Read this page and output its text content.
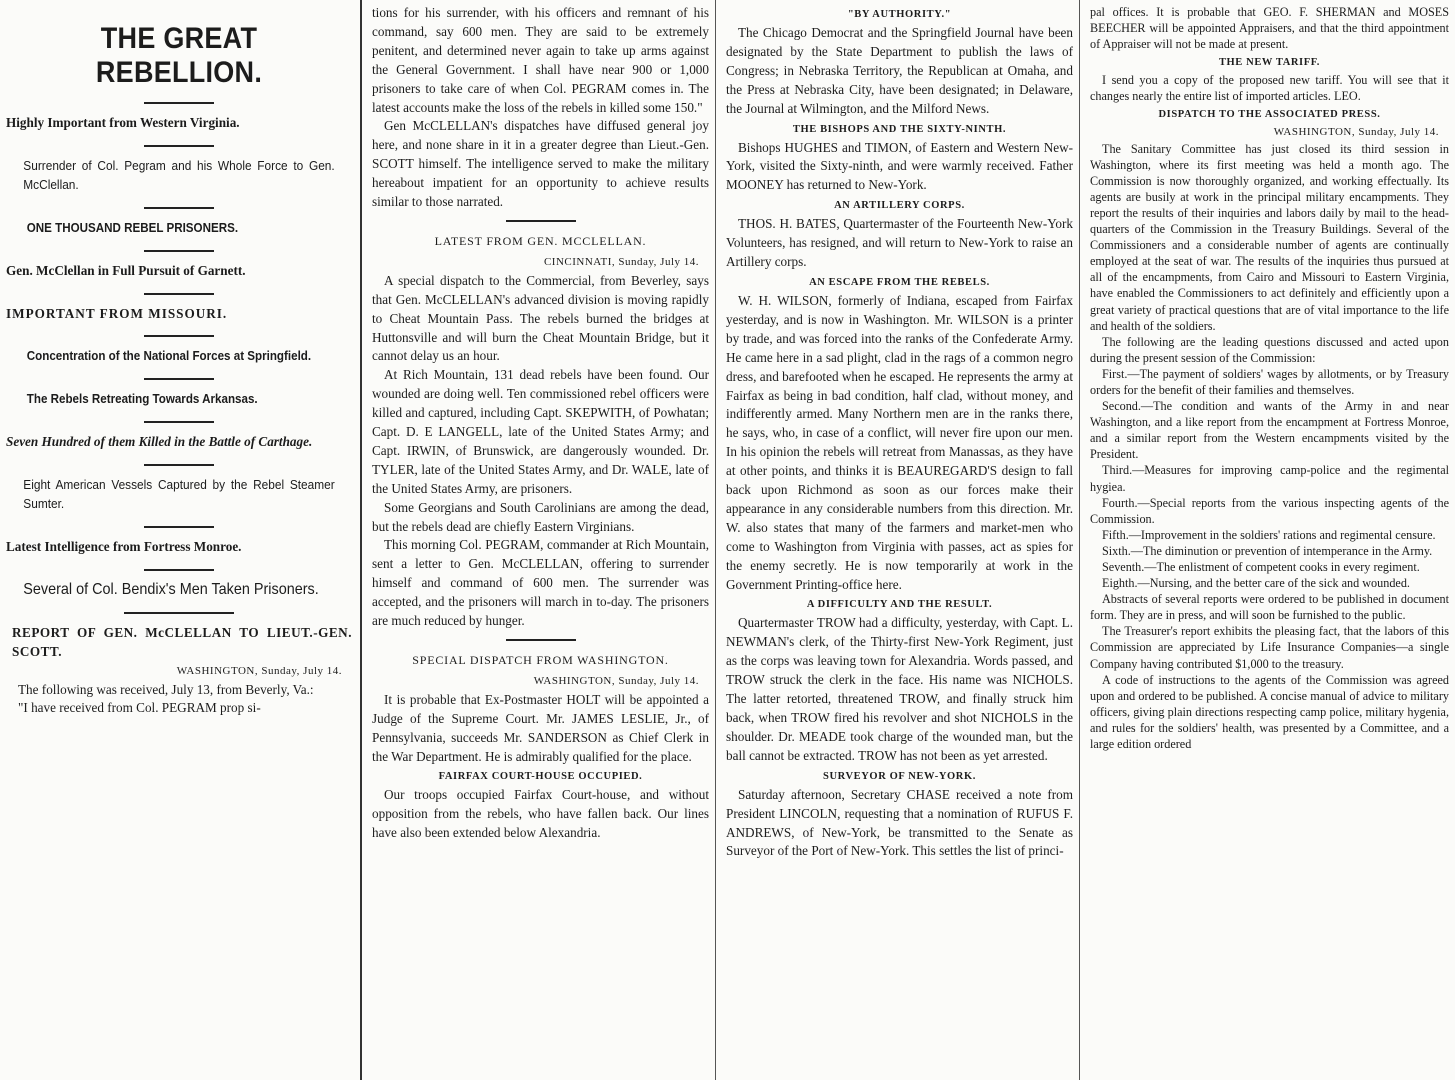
THE GREAT REBELLION.

Highly Important from Western Virginia.

Surrender of Col. Pegram and his Whole Force to Gen. McClellan.

ONE THOUSAND REBEL PRISONERS.

Gen. McClellan in Full Pursuit of Garnett.

IMPORTANT FROM MISSOURI.

Concentration of the National Forces at Springfield.

The Rebels Retreating Towards Arkansas.

Seven Hundred of them Killed in the Battle of Carthage.

Eight American Vessels Captured by the Rebel Steamer Sumter.

Latest Intelligence from Fortress Monroe.

Several of Col. Bendix's Men Taken Prisoners.

REPORT OF GEN. McCLELLAN TO LIEUT.-GEN. SCOTT.

WASHINGTON, Sunday, July 14.

The following was received, July 13, from Beverly, Va.:

"I have received from Col. PEGRAM prop si-

tions for his surrender, with his officers and remnant of his command, say 600 men. They are said to be extremely penitent, and determined never again to take up arms against the General Government. I shall have near 900 or 1,000 prisoners to take care of when Col. PEGRAM comes in. The latest accounts make the loss of the rebels in killed some 150."

Gen McCLELLAN's dispatches have diffused general joy here, and none share in it in a greater degree than Lieut.-Gen. SCOTT himself. The intelligence served to make the military hereabout impatient for an opportunity to achieve results similar to those narrated.

LATEST FROM GEN. MCCLELLAN.

CINCINNATI, Sunday, July 14.

A special dispatch to the Commercial, from Beverley, says that Gen. McCLELLAN's advanced division is moving rapidly to Cheat Mountain Pass. The rebels burned the bridges at Huttonsville and will burn the Cheat Mountain Bridge, but it cannot delay us an hour.

At Rich Mountain, 131 dead rebels have been found. Our wounded are doing well. Ten commissioned rebel officers were killed and captured, including Capt. SKEPWITH, of Powhatan; Capt. D. E LANGELL, late of the United States Army; and Capt. IRWIN, of Brunswick, are dangerously wounded. Dr. TYLER, late of the United States Army, and Dr. WALE, late of the United States Army, are prisoners.

Some Georgians and South Carolinians are among the dead, but the rebels dead are chiefly Eastern Virginians.

This morning Col. PEGRAM, commander at Rich Mountain, sent a letter to Gen. McCLELLAN, offering to surrender himself and command of 600 men. The surrender was accepted, and the prisoners will march in to-day. The prisoners are much reduced by hunger.

SPECIAL DISPATCH FROM WASHINGTON.

WASHINGTON, Sunday, July 14.

It is probable that Ex-Postmaster HOLT will be appointed a Judge of the Supreme Court. Mr. JAMES LESLIE, Jr., of Pennsylvania, succeeds Mr. SANDERSON as Chief Clerk in the War Department. He is admirably qualified for the place.

FAIRFAX COURT-HOUSE OCCUPIED.

Our troops occupied Fairfax Court-house, and without opposition from the rebels, who have fallen back. Our lines have also been extended below Alexandria.

"BY AUTHORITY."

The Chicago Democrat and the Springfield Journal have been designated by the State Department to publish the laws of Congress; in Nebraska Territory, the Republican at Omaha, and the Press at Nebraska City, have been designated; in Delaware, the Journal at Wilmington, and the Milford News.

THE BISHOPS AND THE SIXTY-NINTH.

Bishops HUGHES and TIMON, of Eastern and Western New-York, visited the Sixty-ninth, and were warmly received. Father MOONEY has returned to New-York.

AN ARTILLERY CORPS.

THOS. H. BATES, Quartermaster of the Fourteenth New-York Volunteers, has resigned, and will return to New-York to raise an Artillery corps.

AN ESCAPE FROM THE REBELS.

W. H. WILSON, formerly of Indiana, escaped from Fairfax yesterday, and is now in Washington. Mr. WILSON is a printer by trade, and was forced into the ranks of the Confederate Army. He came here in a sad plight, clad in the rags of a common negro dress, and barefooted when he escaped. He represents the army at Fairfax as being in bad condition, half clad, without money, and indifferently armed. Many Northern men are in the ranks there, he says, who, in case of a conflict, will never fire upon our men. In his opinion the rebels will retreat from Manassas, as they have at other points, and thinks it is BEAUREGARD'S design to fall back upon Richmond as soon as our forces make their appearance in any considerable numbers from this direction. Mr. W. also states that many of the farmers and market-men who come to Washington from Virginia with passes, act as spies for the enemy secretly. He is now temporarily at work in the Government Printing-office here.

A DIFFICULTY AND THE RESULT.

Quartermaster TROW had a difficulty, yesterday, with Capt. L. NEWMAN's clerk, of the Thirty-first New-York Regiment, just as the corps was leaving town for Alexandria. Words passed, and TROW struck the clerk in the face. His name was NICHOLS. The latter retorted, threatened TROW, and finally struck him back, when TROW fired his revolver and shot NICHOLS in the shoulder. Dr. MEADE took charge of the wounded man, but the ball cannot be extracted. TROW has not been as yet arrested.

SURVEYOR OF NEW-YORK.

Saturday afternoon, Secretary CHASE received a note from President LINCOLN, requesting that a nomination of RUFUS F. ANDREWS, of New-York, be transmitted to the Senate as Surveyor of the Port of New-York. This settles the list of princi-

pal offices. It is probable that GEO. F. SHERMAN and MOSES BEECHER will be appointed Appraisers, and that the third appointment of Appraiser will not be made at present.

THE NEW TARIFF.

I send you a copy of the proposed new tariff. You will see that it changes nearly the entire list of imported articles. LEO.

DISPATCH TO THE ASSOCIATED PRESS.

WASHINGTON, Sunday, July 14.

The Sanitary Committee has just closed its third session in Washington, where its first meeting was held a month ago. The Commission is now thoroughly organized, and working effectually. Its agents are busily at work in the principal military encampments. They report the results of their inquiries and labors daily by mail to the head-quarters of the Commission in the Treasury Buildings. Several of the Commissioners and a considerable number of agents are continually employed at the seat of war. The results of the inquiries thus pursued at all of the encampments, from Cairo and Missouri to Eastern Virginia, have enabled the Commissioners to act definitely and efficiently upon a great variety of practical questions that are of vital importance to the life and health of the soldiers.

The following are the leading questions discussed and acted upon during the present session of the Commission:

First.—The payment of soldiers' wages by allotments, or by Treasury orders for the benefit of their families and themselves.

Second.—The condition and wants of the Army in and near Washington, and a like report from the encampment at Fortress Monroe, and a similar report from the Western encampments visited by the President.

Third.—Measures for improving camp-police and the regimental hygiea.

Fourth.—Special reports from the various inspecting agents of the Commission.

Fifth.—Improvement in the soldiers' rations and regimental censure.

Sixth.—The diminution or prevention of intemperance in the Army.

Seventh.—The enlistment of competent cooks in every regiment.

Eighth.—Nursing, and the better care of the sick and wounded.

Abstracts of several reports were ordered to be published in document form. They are in press, and will soon be furnished to the public.

The Treasurer's report exhibits the pleasing fact, that the labors of this Commission are appreciated by Life Insurance Companies—a single Company having contributed $1,000 to the treasury.

A code of instructions to the agents of the Commission was agreed upon and ordered to be published. A concise manual of advice to military officers, giving plain directions respecting camp police, military hygenia, and rules for the soldiers' health, was presented by a Committee, and a large edition ordered
